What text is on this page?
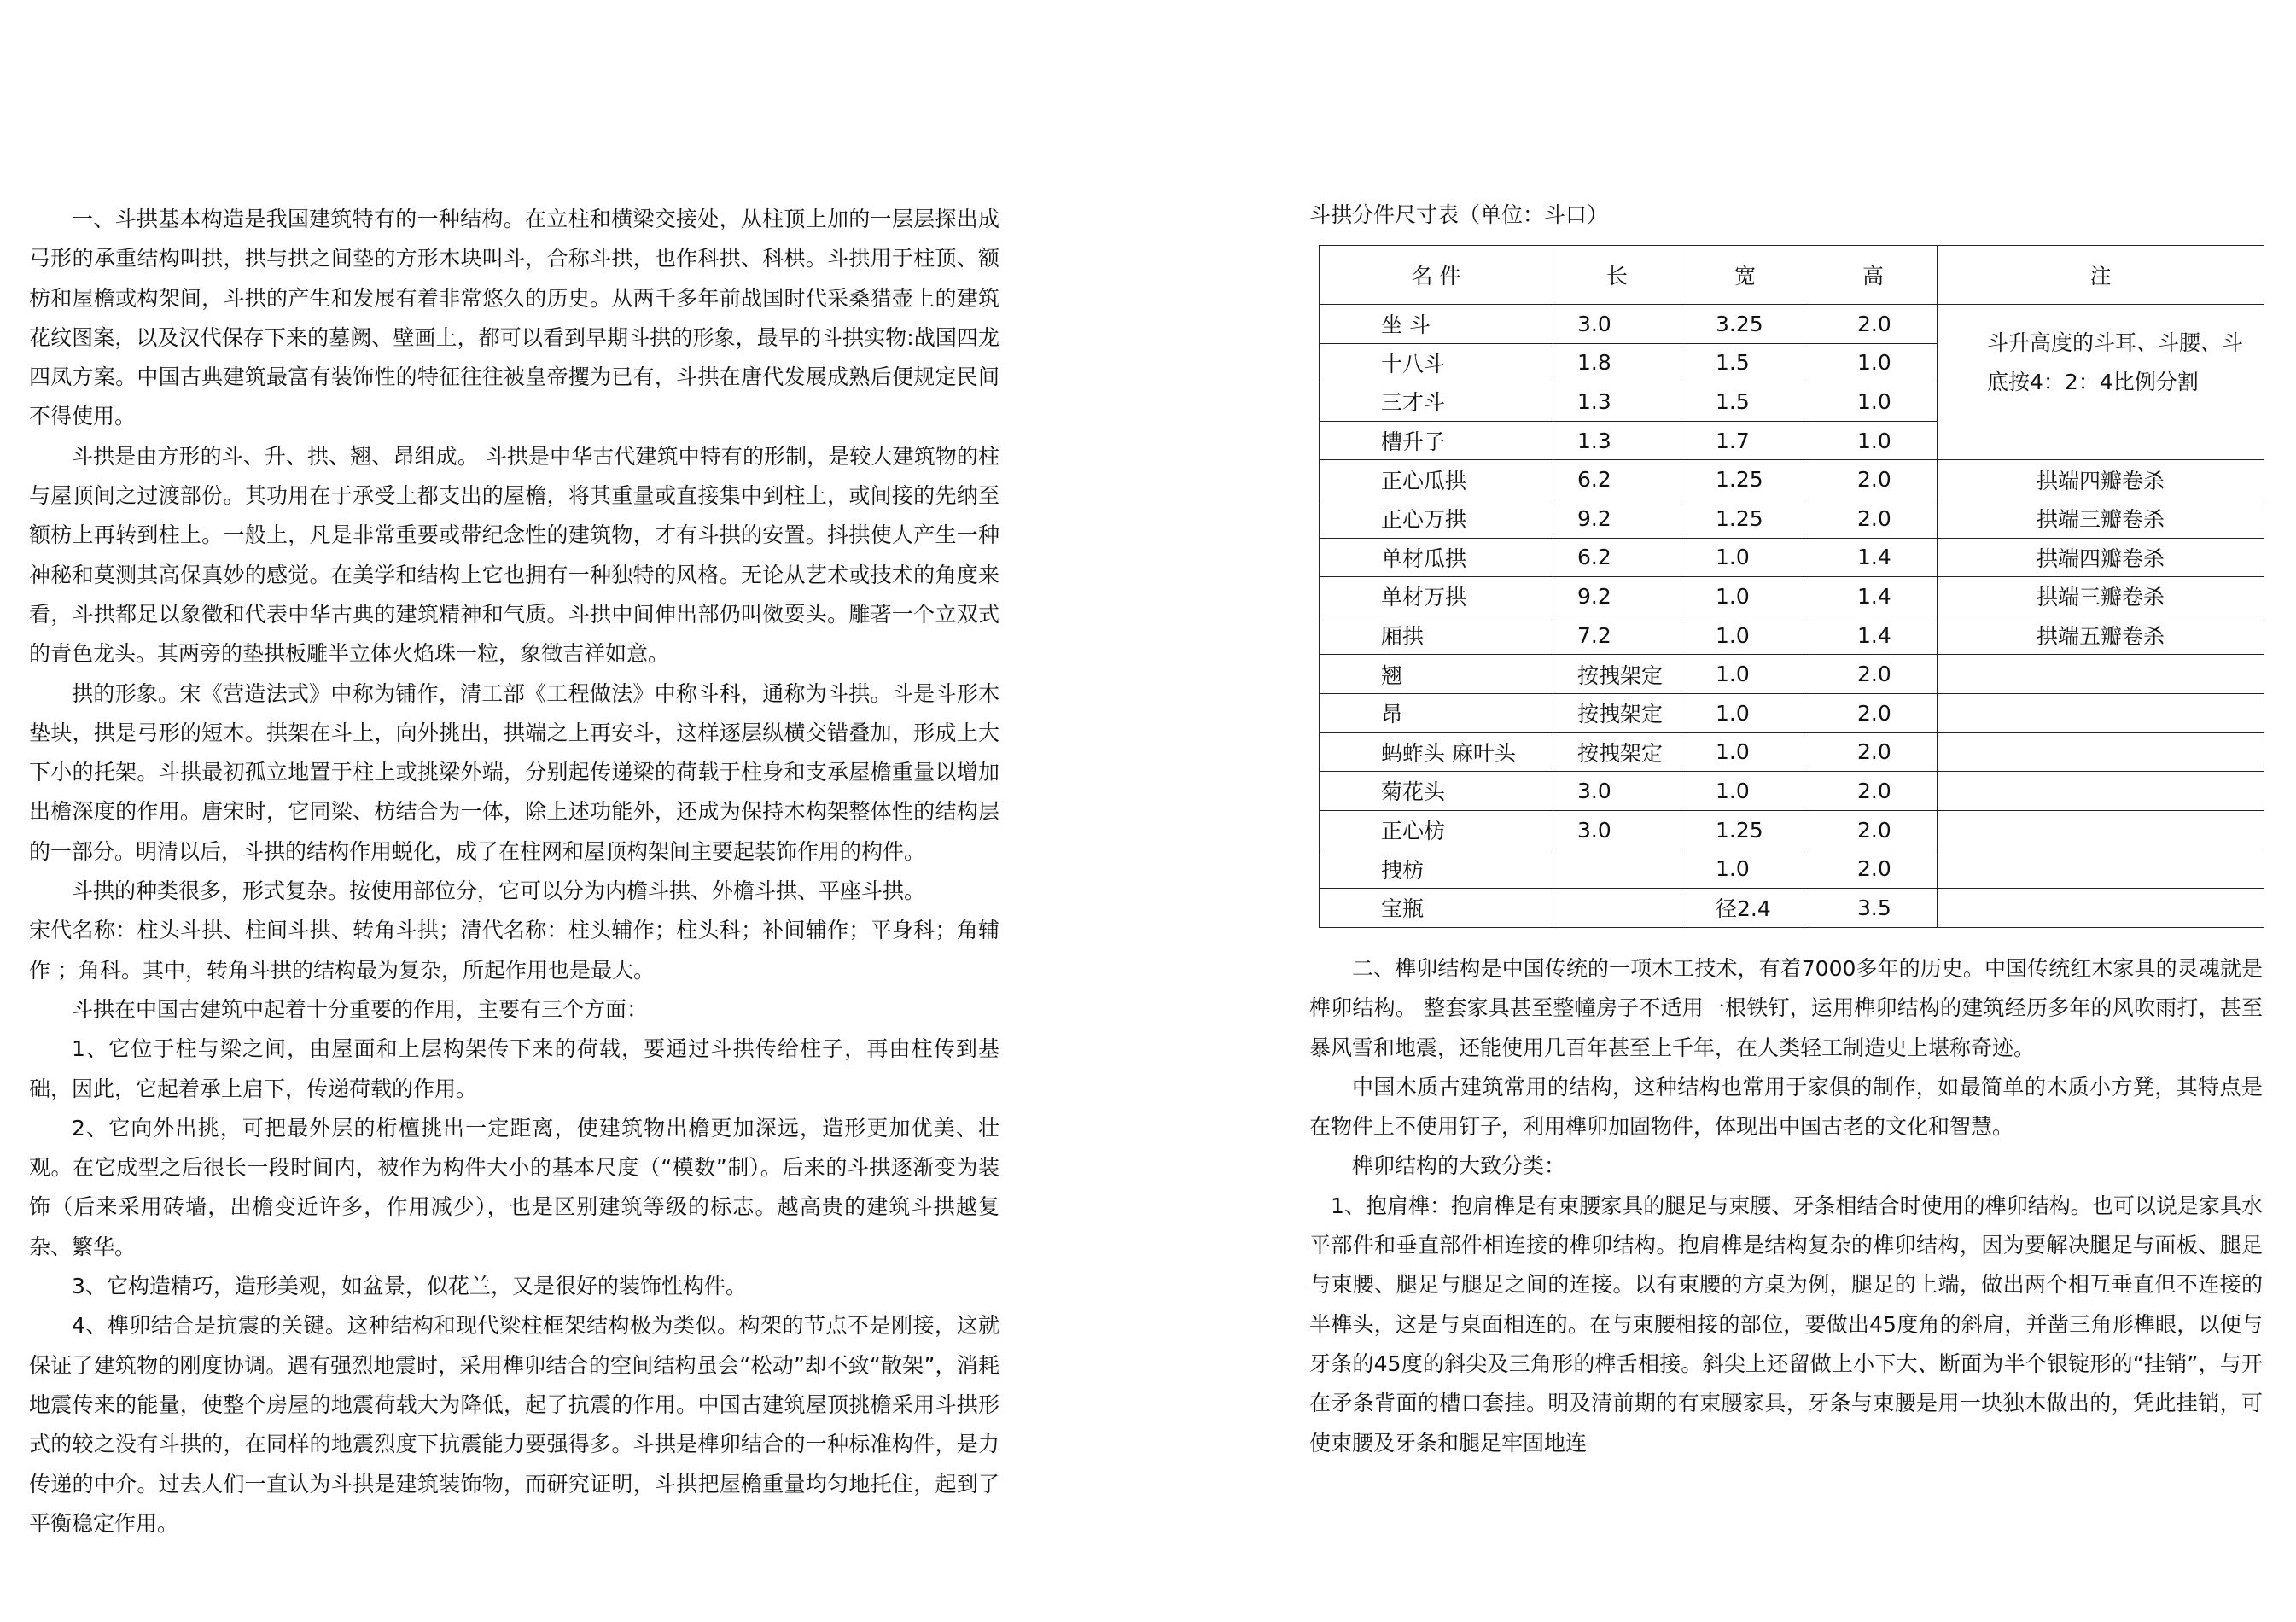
一、斗拱基本构造是我国建筑特有的一种结构。在立柱和横梁交接处，从柱顶上加的一层层探出成弓形的承重结构叫拱，拱与拱之间垫的方形木块叫斗，合称斗拱，也作科拱、科栱。斗拱用于柱顶、额枋和屋檐或构架间，斗拱的产生和发展有着非常悠久的历史。从两千多年前战国时代采桑猎壶上的建筑花纹图案，以及汉代保存下来的墓阙、壁画上，都可以看到早期斗拱的形象，最早的斗拱实物:战国四龙四凤方案。中国古典建筑最富有装饰性的特征往往被皇帝攫为已有，斗拱在唐代发展成熟后便规定民间不得使用。

斗拱是由方形的斗、升、拱、翘、昂组成。 斗拱是中华古代建筑中特有的形制，是较大建筑物的柱与屋顶间之过渡部份。其功用在于承受上都支出的屋檐，将其重量或直接集中到柱上，或间接的先纳至额枋上再转到柱上。一般上，凡是非常重要或带纪念性的建筑物，才有斗拱的安置。抖拱使人产生一种神秘和莫测其高保真妙的感觉。在美学和结构上它也拥有一种独特的风格。无论从艺术或技术的角度来看，斗拱都足以象徵和代表中华古典的建筑精神和气质。斗拱中间伸出部仍叫傚耍头。雕著一个立双式的青色龙头。其两旁的垫拱板雕半立体火焰珠一粒，象徵吉祥如意。

拱的形象。宋《营造法式》中称为铺作，清工部《工程做法》中称斗科，通称为斗拱。斗是斗形木垫块，拱是弓形的短木。拱架在斗上，向外挑出，拱端之上再安斗，这样逐层纵横交错叠加，形成上大下小的托架。斗拱最初孤立地置于柱上或挑梁外端，分别起传递梁的荷载于柱身和支承屋檐重量以增加出檐深度的作用。唐宋时，它同梁、枋结合为一体，除上述功能外，还成为保持木构架整体性的结构层的一部分。明清以后，斗拱的结构作用蜕化，成了在柱网和屋顶构架间主要起装饰作用的构件。

斗拱的种类很多，形式复杂。按使用部位分，它可以分为内檐斗拱、外檐斗拱、平座斗拱。

宋代名称：柱头斗拱、柱间斗拱、转角斗拱；清代名称：柱头辅作；柱头科；补间辅作；平身科；角辅作 ；角科。其中，转角斗拱的结构最为复杂，所起作用也是最大。

斗拱在中国古建筑中起着十分重要的作用，主要有三个方面：

1、它位于柱与梁之间，由屋面和上层构架传下来的荷载，要通过斗拱传给柱子，再由柱传到基础，因此，它起着承上启下，传递荷载的作用。

2、它向外出挑，可把最外层的桁檀挑出一定距离，使建筑物出檐更加深远，造形更加优美、壮观。在它成型之后很长一段时间内，被作为构件大小的基本尺度（“模数”制）。后来的斗拱逐渐变为装饰（后来采用砖墙，出檐变近许多，作用减少），也是区别建筑等级的标志。越高贵的建筑斗拱越复杂、繁华。

3、它构造精巧，造形美观，如盆景，似花兰，又是很好的装饰性构件。

4、榫卯结合是抗震的关键。这种结构和现代梁柱框架结构极为类似。构架的节点不是刚接，这就保证了建筑物的刚度协调。遇有强烈地震时，采用榫卯结合的空间结构虽会“松动”却不致“散架”，消耗地震传来的能量，使整个房屋的地震荷载大为降低，起了抗震的作用。中国古建筑屋顶挑檐采用斗拱形式的较之没有斗拱的，在同样的地震烈度下抗震能力要强得多。斗拱是榫卯结合的一种标准构件，是力传递的中介。过去人们一直认为斗拱是建筑装饰物，而研究证明，斗拱把屋檐重量均匀地托住，起到了平衡稳定作用。

斗拱分件尺寸表（单位：斗口）

名 件	长	宽	高	注
坐 斗	3.0	3.25	2.0	斗升高度的斗耳、斗腰、斗底按4：2：4比例分割
十八斗	1.8	1.5	1.0	
三才斗	1.3	1.5	1.0	
槽升子	1.3	1.7	1.0	
正心瓜拱	6.2	1.25	2.0	拱端四瓣卷杀
正心万拱	9.2	1.25	2.0	拱端三瓣卷杀
单材瓜拱	6.2	1.0	1.4	拱端四瓣卷杀
单材万拱	9.2	1.0	1.4	拱端三瓣卷杀
厢拱	7.2	1.0	1.4	拱端五瓣卷杀
翘	按拽架定	1.0	2.0	
昂	按拽架定	1.0	2.0	
蚂蚱头 麻叶头	按拽架定	1.0	2.0	
菊花头	3.0	1.0	2.0	
正心枋	3.0	1.25	2.0	
拽枋		1.0	2.0	
宝瓶		径2.4	3.5	

二、榫卯结构是中国传统的一项木工技术，有着7000多年的历史。中国传统红木家具的灵魂就是榫卯结构。 整套家具甚至整幢房子不适用一根铁钉，运用榫卯结构的建筑经历多年的风吹雨打，甚至暴风雪和地震，还能使用几百年甚至上千年，在人类轻工制造史上堪称奇迹。

中国木质古建筑常用的结构，这种结构也常用于家俱的制作，如最简单的木质小方凳，其特点是在物件上不使用钉子，利用榫卯加固物件，体现出中国古老的文化和智慧。

榫卯结构的大致分类：

1、抱肩榫：抱肩榫是有束腰家具的腿足与束腰、牙条相结合时使用的榫卯结构。也可以说是家具水平部件和垂直部件相连接的榫卯结构。抱肩榫是结构复杂的榫卯结构，因为要解决腿足与面板、腿足与束腰、腿足与腿足之间的连接。以有束腰的方桌为例，腿足的上端，做出两个相互垂直但不连接的半榫头，这是与桌面相连的。在与束腰相接的部位，要做出45度角的斜肩，并凿三角形榫眼，以便与牙条的45度的斜尖及三角形的榫舌相接。斜尖上还留做上小下大、断面为半个银锭形的“挂销”，与开在矛条背面的槽口套挂。明及清前期的有束腰家具，牙条与束腰是用一块独木做出的，凭此挂销，可使束腰及牙条和腿足牢固地连
